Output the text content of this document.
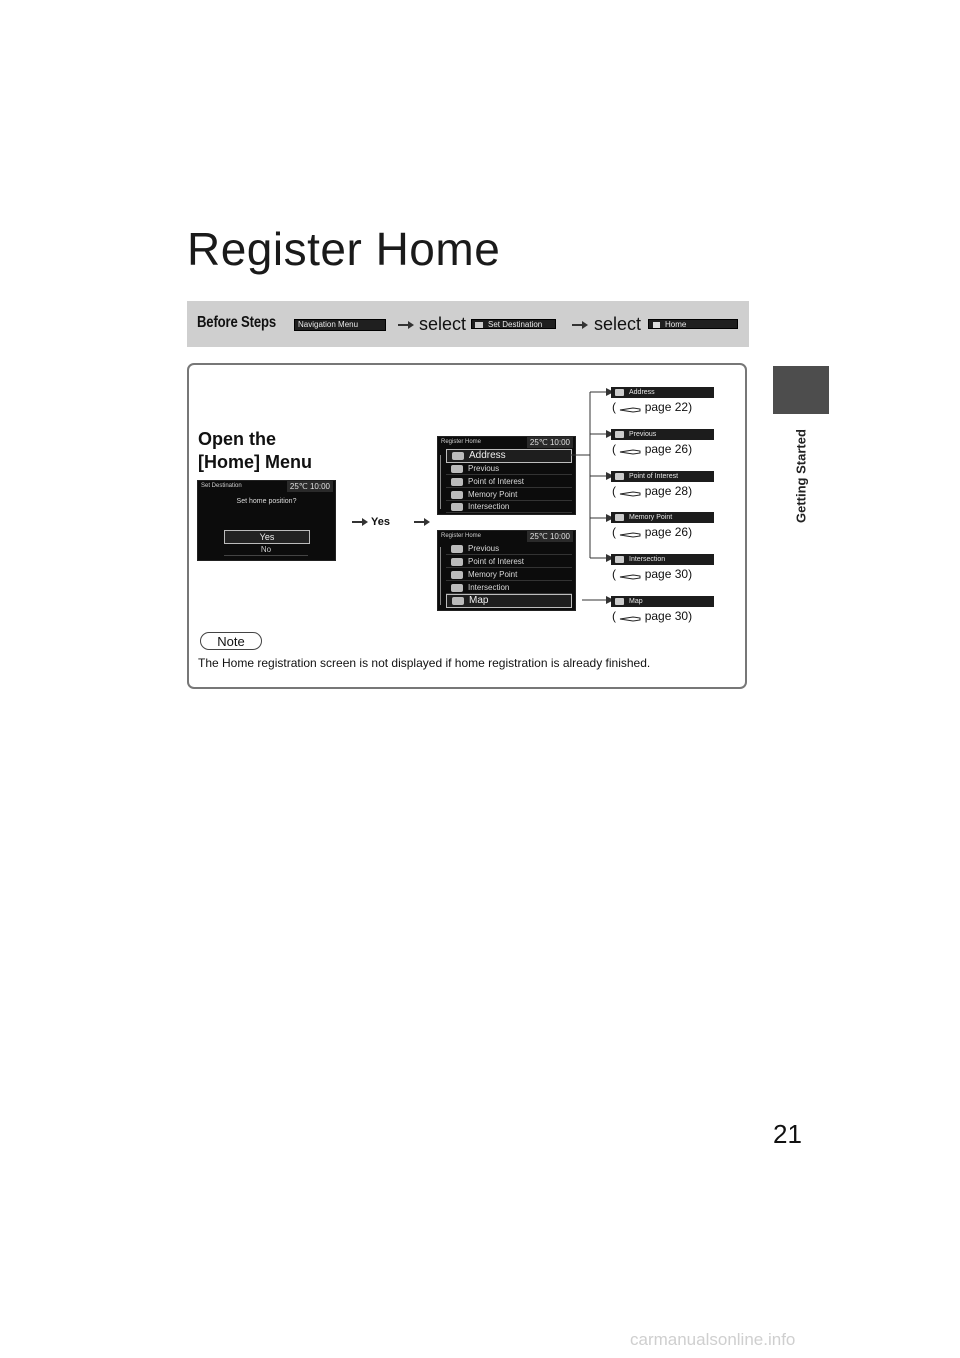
Register Home
Getting Started
Before Steps	Navigation Menu	select	Set Destination	select	Home
Open the
[Home] Menu
Set Destination	25℃ 10:00
Set home position?
Yes
No
Yes
Register Home	25℃ 10:00
Address
Previous
Point of Interest
Memory Point
Intersection
Register Home	25℃ 10:00
Previous
Point of Interest
Memory Point
Intersection
Map
Address
(  page 22)
Previous
(  page 26)
Point of Interest
(  page 28)
Memory Point
(  page 26)
Intersection
(  page 30)
Map
(  page 30)
Note
The Home registration screen is not displayed if home registration is already finished.
21
carmanualsonline.info
